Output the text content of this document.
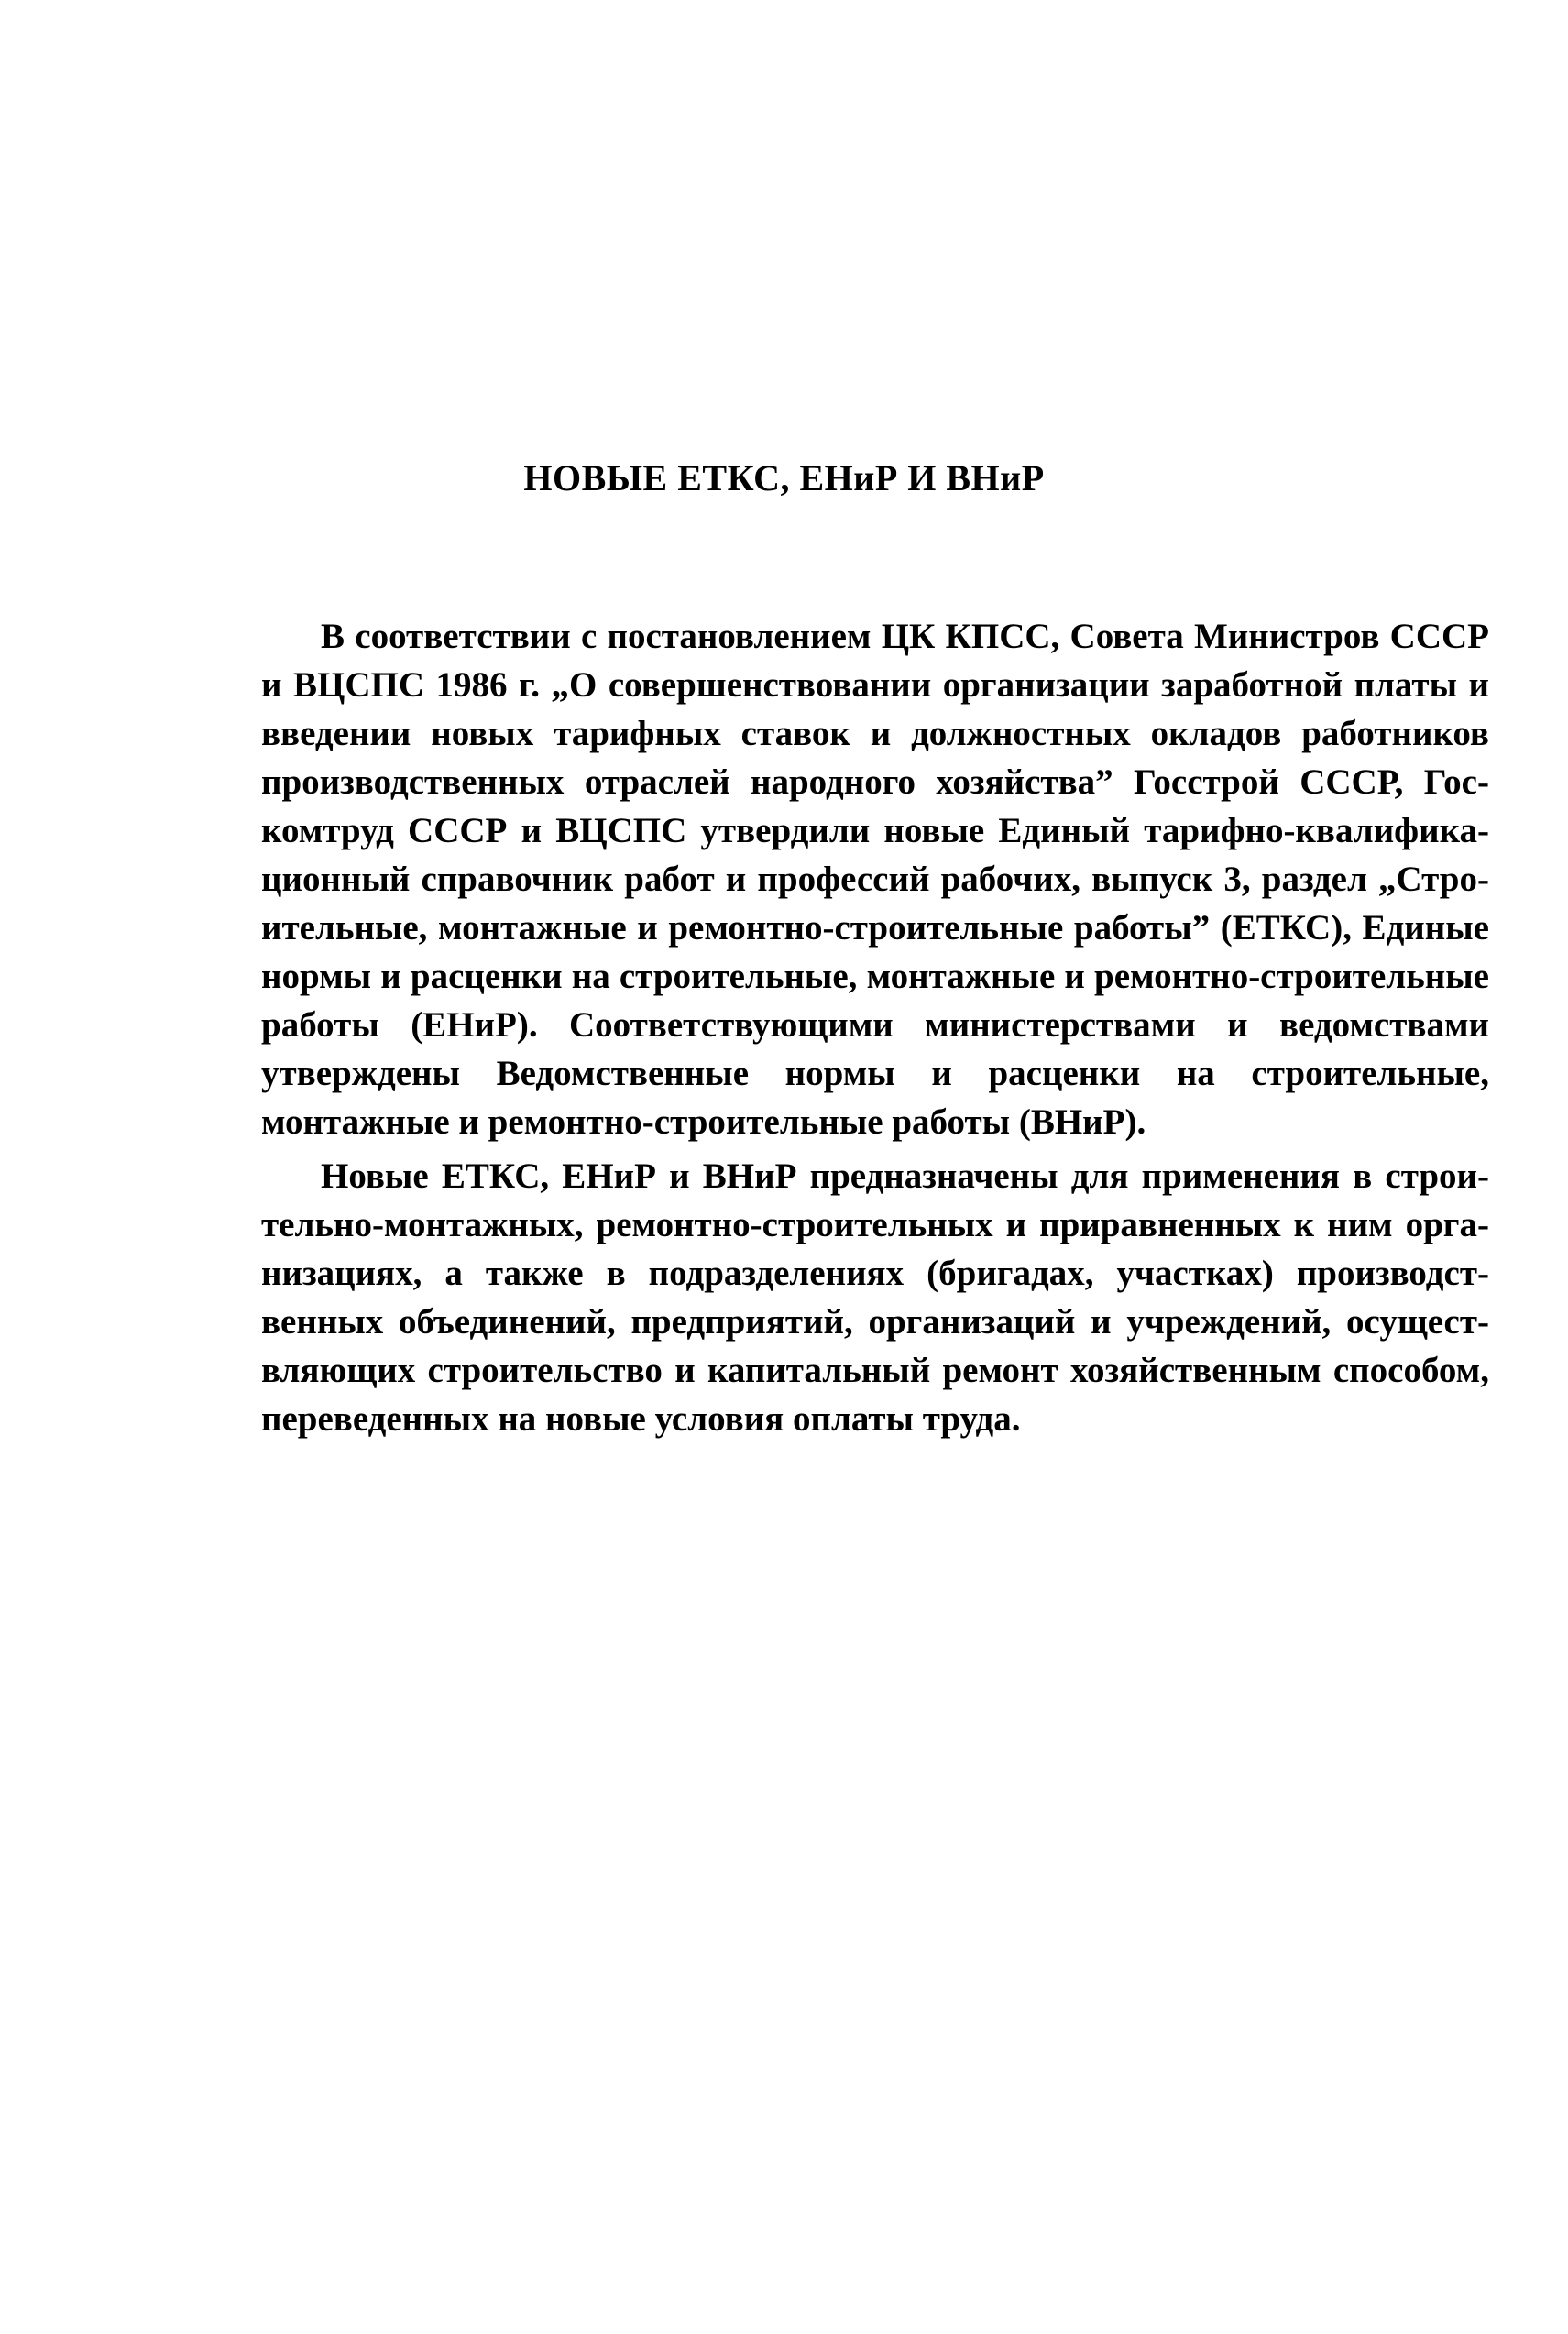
НОВЫЕ ЕТКС, ЕНиР И ВНиР

В соответствии с постановлением ЦК КПСС, Совета Министров СССР и ВЦСПС 1986 г. „О совершенствовании организации заработной платы и введении новых тарифных ставок и должностных окладов работников производственных отраслей народного хозяйства” Госстрой СССР, Госкомтруд СССР и ВЦСПС утвердили новые Единый тарифно-квалификационный справочник работ и профессий рабочих, выпуск 3, раздел „Строительные, монтажные и ремонтно-строительные работы” (ЕТКС), Единые нормы и расценки на строительные, монтажные и ремонтно-строительные работы (ЕНиР). Соответствующими министерствами и ведомствами утверждены Ведомственные нормы и расценки на строительные, монтажные и ремонтно-строительные работы (ВНиР).

Новые ЕТКС, ЕНиР и ВНиР предназначены для применения в строительно-монтажных, ремонтно-строительных и приравненных к ним организациях, а также в подразделениях (бригадах, участках) производственных объединений, предприятий, организаций и учреждений, осуществляющих строительство и капитальный ремонт хозяйственным способом, переведенных на новые условия оплаты труда.
